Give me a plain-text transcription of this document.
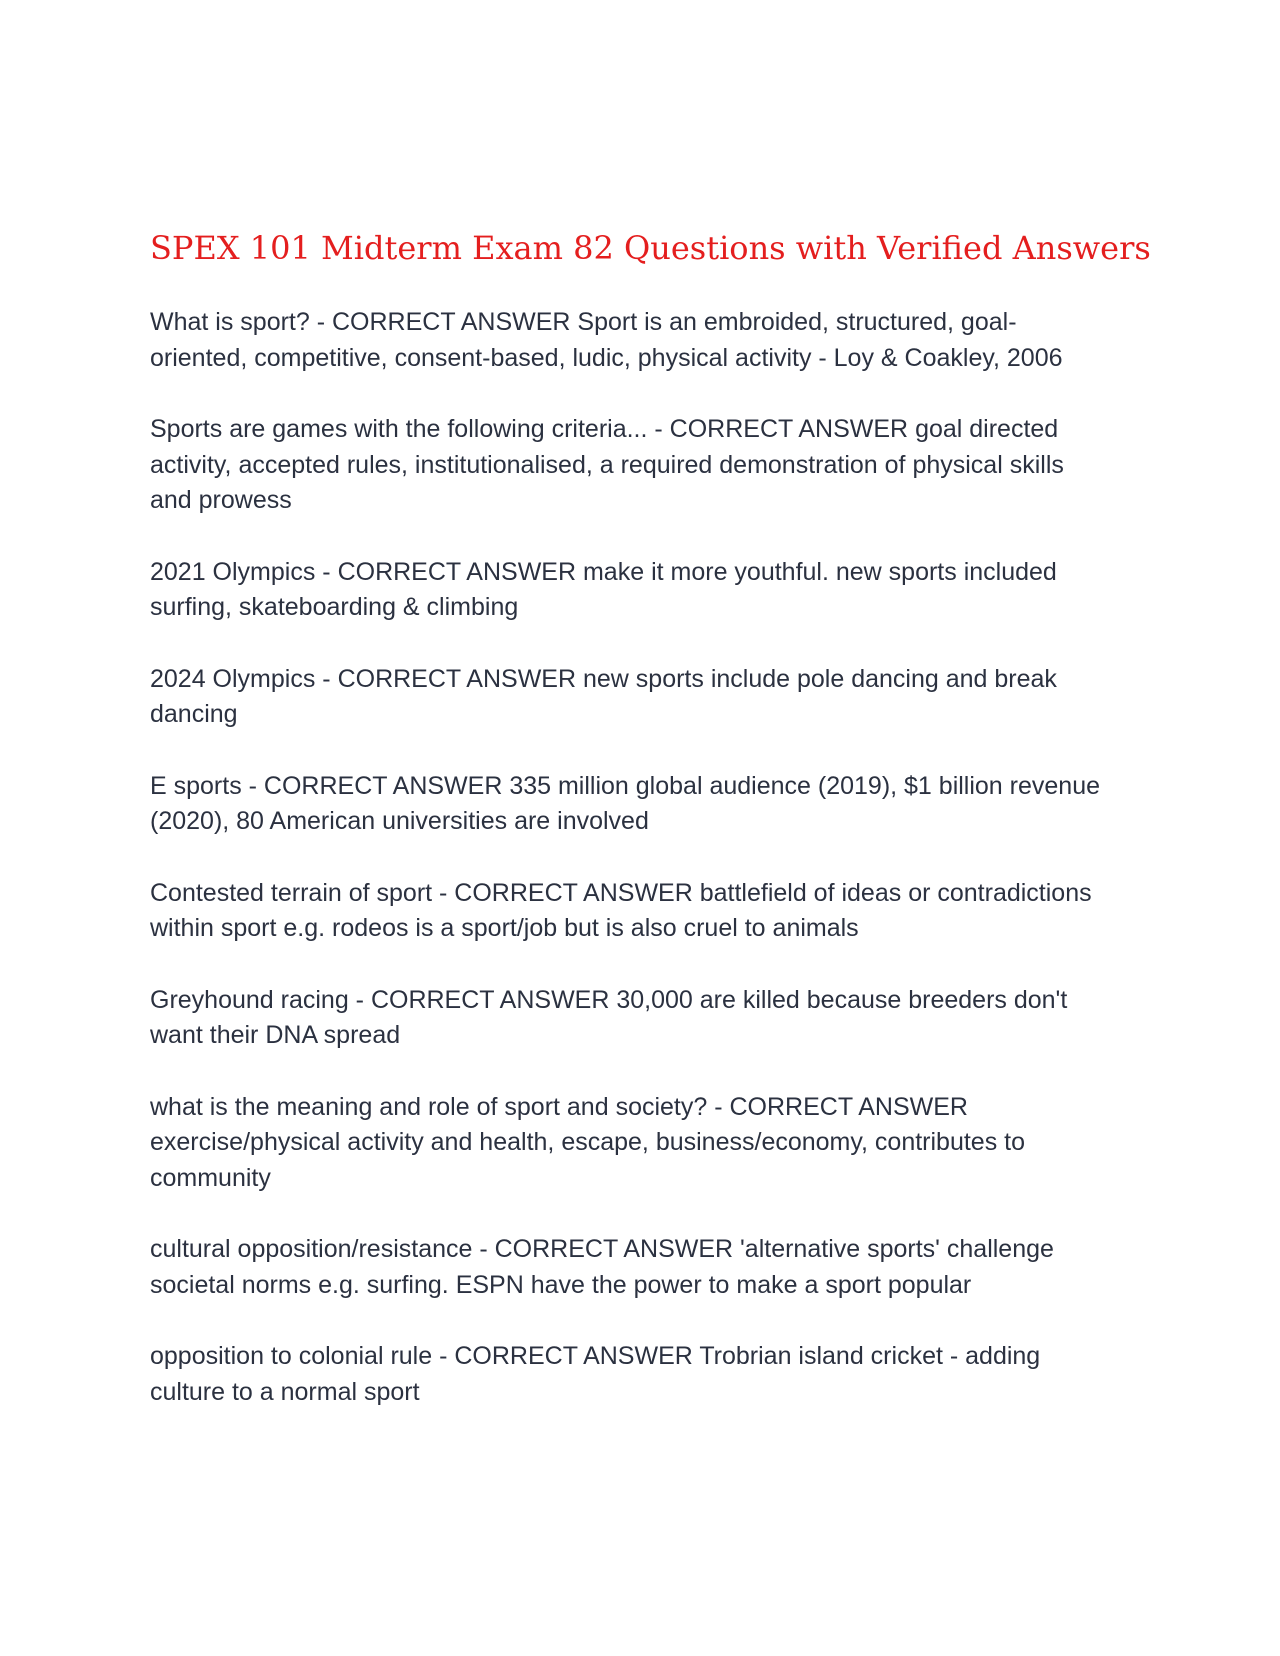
SPEX 101 Midterm Exam 82 Questions with Verified Answers
What is sport? - CORRECT ANSWER Sport is an embroided, structured, goal-oriented, competitive, consent-based, ludic, physical activity - Loy & Coakley, 2006
Sports are games with the following criteria... - CORRECT ANSWER goal directed activity, accepted rules, institutionalised, a required demonstration of physical skills and prowess
2021 Olympics - CORRECT ANSWER make it more youthful. new sports included surfing, skateboarding & climbing
2024 Olympics - CORRECT ANSWER new sports include pole dancing and break dancing
E sports - CORRECT ANSWER 335 million global audience (2019), $1 billion revenue (2020), 80 American universities are involved
Contested terrain of sport - CORRECT ANSWER battlefield of ideas or contradictions within sport e.g. rodeos is a sport/job but is also cruel to animals
Greyhound racing - CORRECT ANSWER 30,000 are killed because breeders don't want their DNA spread
what is the meaning and role of sport and society? - CORRECT ANSWER exercise/physical activity and health, escape, business/economy, contributes to community
cultural opposition/resistance - CORRECT ANSWER 'alternative sports' challenge societal norms e.g. surfing. ESPN have the power to make a sport popular
opposition to colonial rule - CORRECT ANSWER Trobrian island cricket - adding culture to a normal sport
